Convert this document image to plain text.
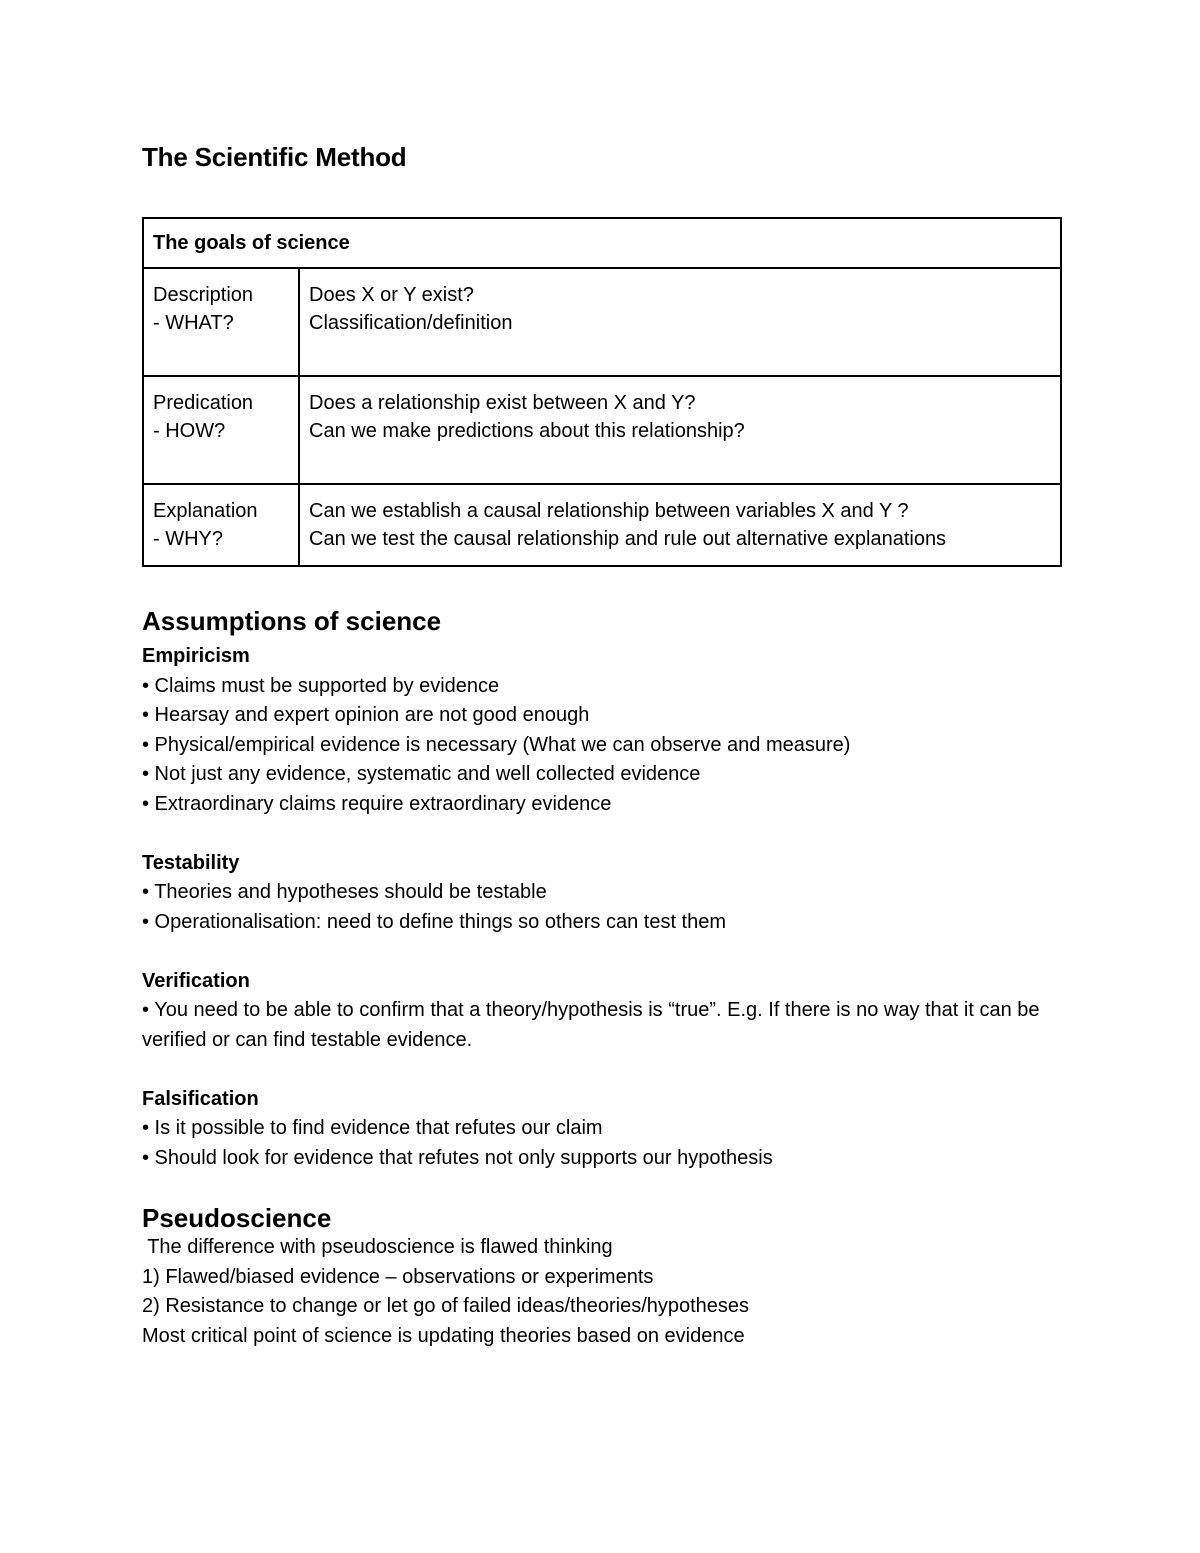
The Scientific Method
The goals of science	

Description
- WHAT?	Does X or Y exist?
Classification/definition

Predication
- HOW?	Does a relationship exist between X and Y?
Can we make predictions about this relationship?

Explanation
- WHY?	Can we establish a causal relationship between variables X and Y ?
Can we test the causal relationship and rule out alternative explanations
Assumptions of science
Empiricism
• Claims must be supported by evidence
• Hearsay and expert opinion are not good enough
• Physical/empirical evidence is necessary (What we can observe and measure)
• Not just any evidence, systematic and well collected evidence
• Extraordinary claims require extraordinary evidence
Testability
• Theories and hypotheses should be testable
• Operationalisation: need to define things so others can test them
Verification
• You need to be able to confirm that a theory/hypothesis is “true”. E.g. If there is no way that it can be verified or can find testable evidence.
Falsification
• Is it possible to find evidence that refutes our claim
• Should look for evidence that refutes not only supports our hypothesis
Pseudoscience
The difference with pseudoscience is flawed thinking
1) Flawed/biased evidence – observations or experiments
2) Resistance to change or let go of failed ideas/theories/hypotheses
Most critical point of science is updating theories based on evidence
